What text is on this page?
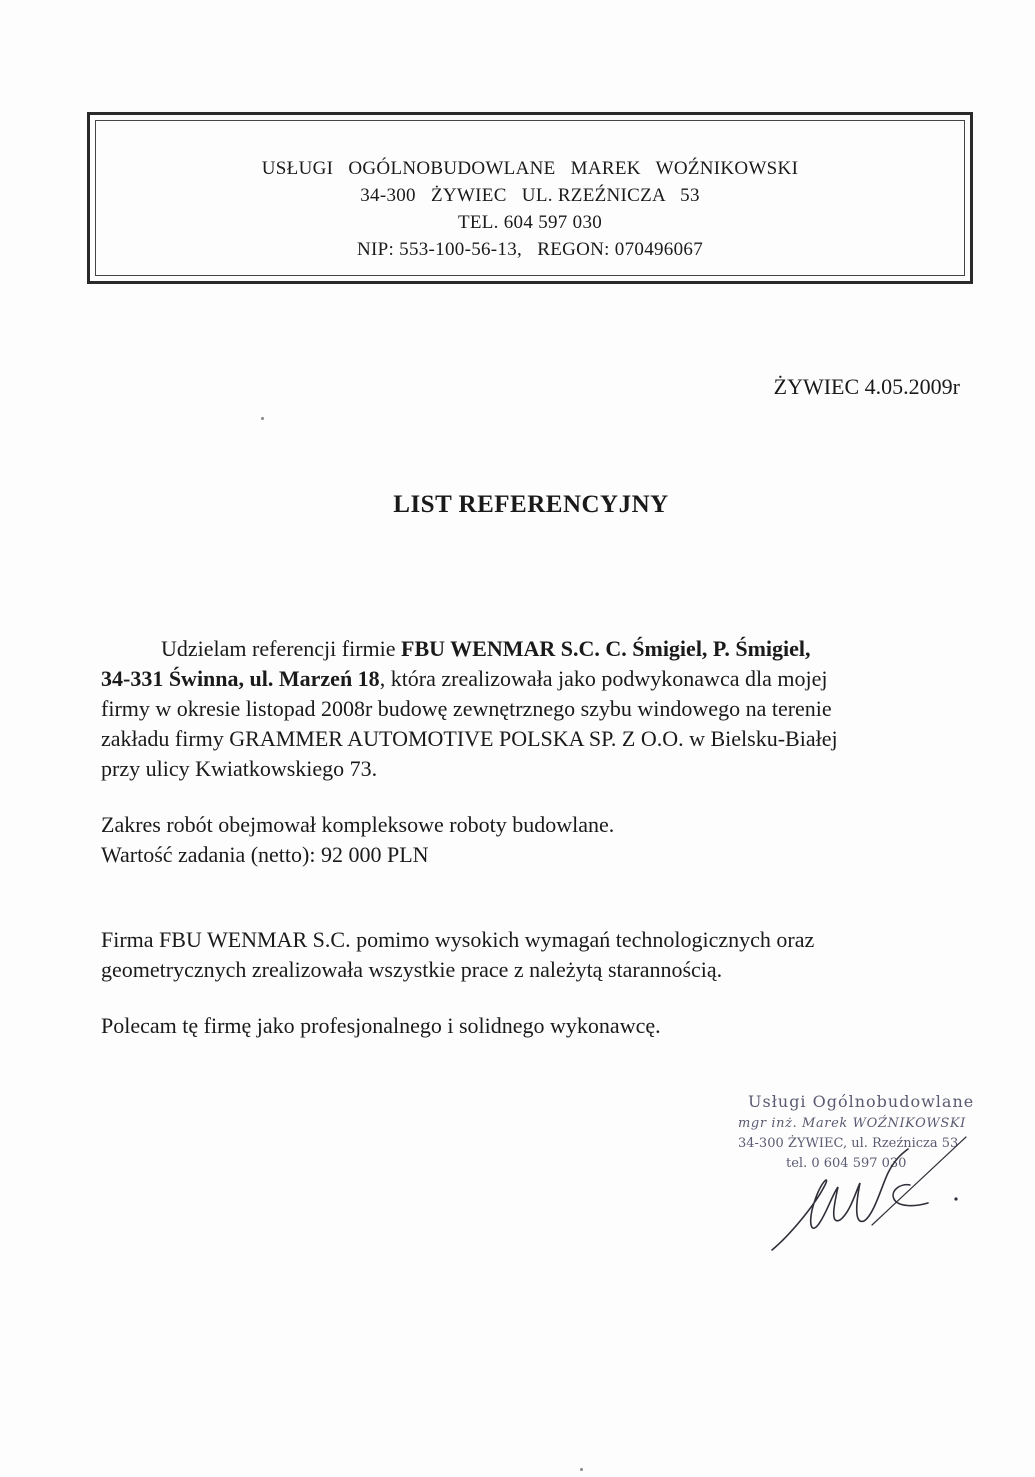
USŁUGI   OGÓLNOBUDOWLANE   MAREK   WOŹNIKOWSKI
34-300   ŻYWIEC   UL. RZEŹNICZA   53
TEL. 604 597 030
NIP: 553-100-56-13,   REGON: 070496067
ŻYWIEC 4.05.2009r
LIST REFERENCYJNY
Udzielam referencji firmie FBU WENMAR S.C. C. Śmigiel, P. Śmigiel,
34-331 Świnna, ul. Marzeń 18, która zrealizowała jako podwykonawca dla mojej
firmy w okresie listopad 2008r budowę zewnętrznego szybu windowego na terenie
zakładu firmy GRAMMER AUTOMOTIVE POLSKA SP. Z O.O. w Bielsku-Białej
przy ulicy Kwiatkowskiego 73.
Zakres robót obejmował kompleksowe roboty budowlane.
Wartość zadania (netto): 92 000 PLN
Firma FBU WENMAR S.C. pomimo wysokich wymagań technologicznych oraz
geometrycznych zrealizowała wszystkie prace z należytą starannością.
Polecam tę firmę jako profesjonalnego i solidnego wykonawcę.
Usługi Ogólnobudowlane
mgr inż. Marek WOŹNIKOWSKI
34-300 ŻYWIEC, ul. Rzeźnicza 53
tel. 0 604 597 030
